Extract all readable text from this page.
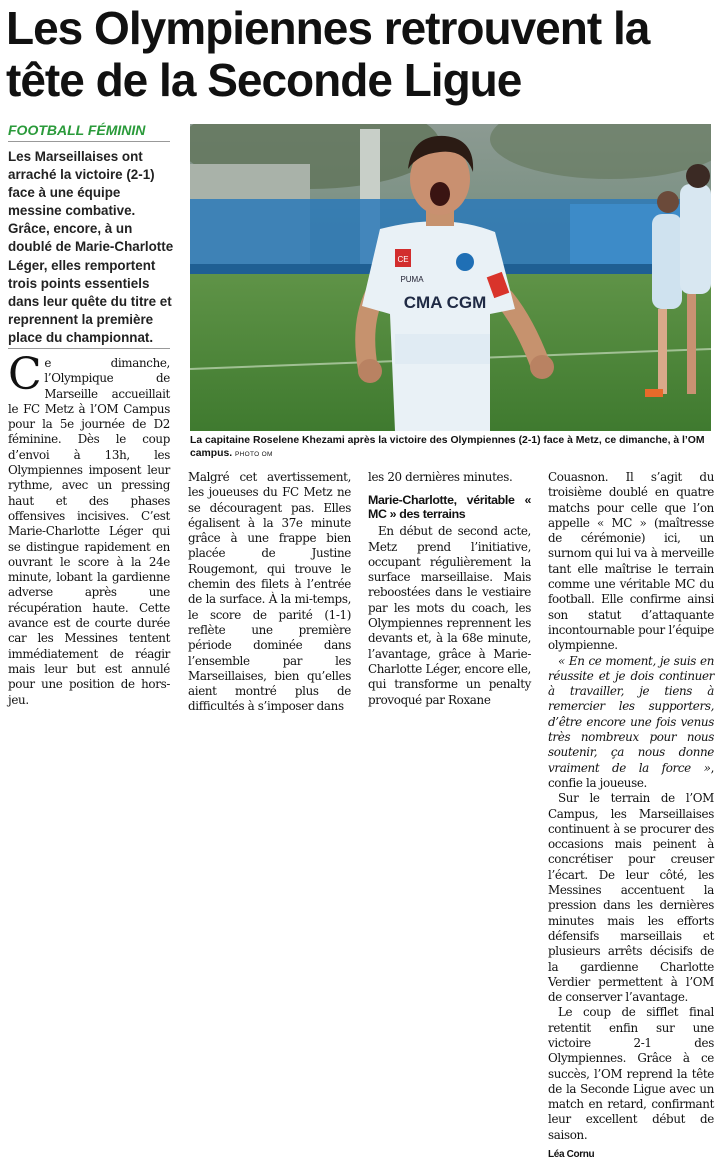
Les Olympiennes retrouvent la tête de la Seconde Ligue
FOOTBALL FÉMININ

Les Marseillaises ont arraché la victoire (2-1) face à une équipe messine combative. Grâce, encore, à un doublé de Marie-Charlotte Léger, elles remportent trois points essentiels dans leur quête du titre et reprennent la première place du championnat.

CE
PUMA
CMA CGM

La capitaine Roselene Khezami après la victoire des Olympiennes (2-1) face à Metz, ce dimanche, à l’OM campus. PHOTO OM

Ce dimanche, l’Olympique de Marseille accueillait le FC Metz à l’OM Campus pour la 5e journée de D2 féminine. Dès le coup d’envoi à 13h, les Olympiennes imposent leur rythme, avec un pressing haut et des phases offensives incisives. C’est Marie-Charlotte Léger qui se distingue rapidement en ouvrant le score à la 24e minute, lobant la gardienne adverse après une récupération haute. Cette avance est de courte durée car les Messines tentent immédiatement de réagir mais leur but est annulé pour une position de hors-jeu.

Malgré cet avertissement, les joueuses du FC Metz ne se découragent pas. Elles égalisent à la 37e minute grâce à une frappe bien placée de Justine Rougemont, qui trouve le chemin des filets à l’entrée de la surface. À la mi-temps, le score de parité (1-1) reflète une première période dominée dans l’ensemble par les Marseillaises, bien qu’elles aient montré plus de difficultés à s’imposer dans

les 20 dernières minutes.

Marie-Charlotte, véritable « MC » des terrains

En début de second acte, Metz prend l’initiative, occupant régulièrement la surface marseillaise. Mais reboostées dans le vestiaire par les mots du coach, les Olympiennes reprennent les devants et, à la 68e minute, l’avantage, grâce à Marie-Charlotte Léger, encore elle, qui transforme un penalty provoqué par Roxane

Couasnon. Il s’agit du troisième doublé en quatre matchs pour celle que l’on appelle « MC » (maîtresse de cérémonie) ici, un surnom qui lui va à merveille tant elle maîtrise le terrain comme une véritable MC du football. Elle confirme ainsi son statut d’attaquante incontournable pour l’équipe olympienne.

« En ce moment, je suis en réussite et je dois continuer à travailler, je tiens à remercier les supporters, d’être encore une fois venus très nombreux pour nous soutenir, ça nous donne vraiment de la force », confie la joueuse.

Sur le terrain de l’OM Campus, les Marseillaises continuent à se procurer des occasions mais peinent à concrétiser pour creuser l’écart. De leur côté, les Messines accentuent la pression dans les dernières minutes mais les efforts défensifs marseillais et plusieurs arrêts décisifs de la gardienne Charlotte Verdier permettent à l’OM de conserver l’avantage.

Le coup de sifflet final retentit enfin sur une victoire 2-1 des Olympiennes. Grâce à ce succès, l’OM reprend la tête de la Seconde Ligue avec un match en retard, confirmant leur excellent début de saison.

Léa Cornu
